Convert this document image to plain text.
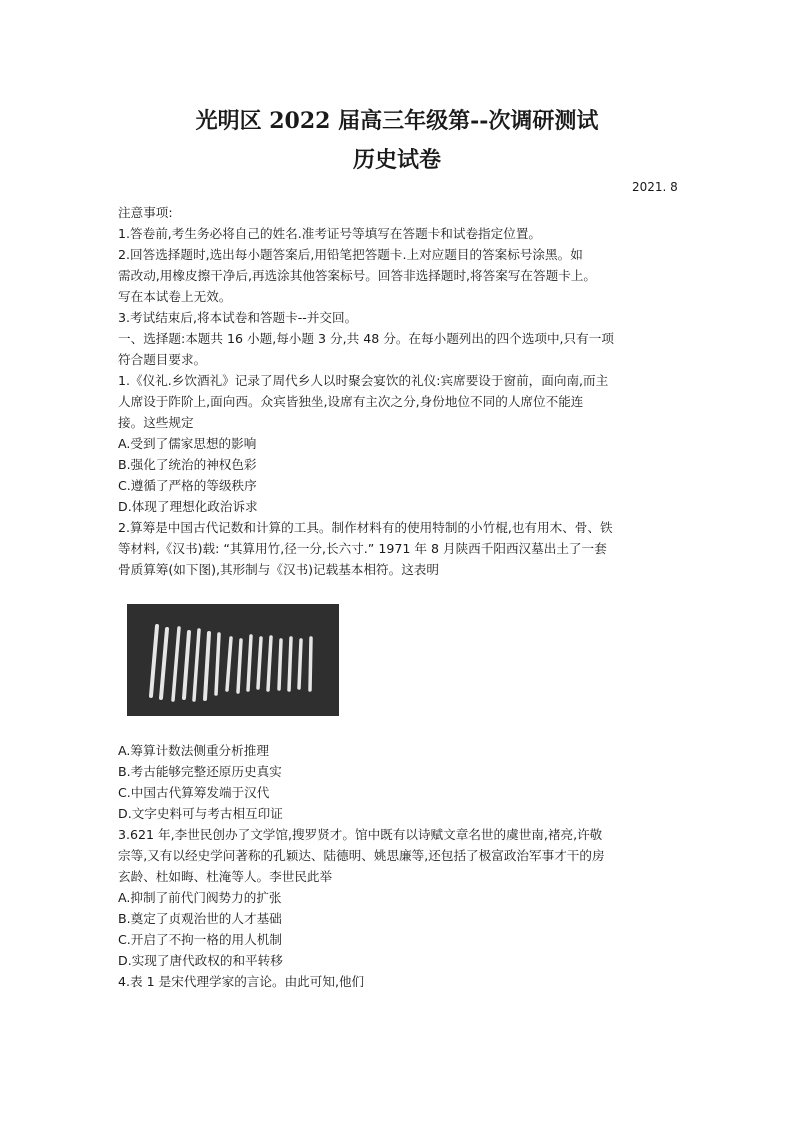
光明区 2022 届高三年级第--次调研测试
历史试卷
2021. 8

注意事项:

1.答卷前,考生务必将自己的姓名.准考证号等填写在答题卡和试卷指定位置。

2.回答选择题时,选出每小题答案后,用铅笔把答题卡.上对应题目的答案标号涂黑。如

需改动,用橡皮擦干净后,再选涂其他答案标号。回答非选择题时,将答案写在答题卡上。

写在本试卷上无效。

3.考试结束后,将本试卷和答题卡--并交回。

一、选择题:本题共 16 小题,每小题 3 分,共 48 分。在每小题列出的四个选项中,只有一项

符合题目要求。

1.《仪礼.乡饮酒礼》记录了周代乡人以时聚会宴饮的礼仪:宾席要设于窗前，面向南,而主

人席设于阼阶上,面向西。众宾皆独坐,设席有主次之分,身份地位不同的人席位不能连

接。这些规定

A.受到了儒家思想的影响

B.强化了统治的神权色彩

C.遵循了严格的等级秩序

D.体现了理想化政治诉求

2.算筹是中国古代记数和计算的工具。制作材料有的使用特制的小竹棍,也有用木、骨、铁

等材料,《汉书)载: “其算用竹,径一分,长六寸.” 1971 年 8 月陕西千阳西汉墓出土了一套

骨质算筹(如下图),其形制与《汉书)记载基本相符。这表明

A.筹算计数法侧重分析推理

B.考古能够完整还原历史真实

C.中国古代算筹发端于汉代

D.文字史料可与考古相互印证

3.621 年,李世民创办了文学馆,搜罗贤才。馆中既有以诗赋文章名世的虞世南,褚亮,许敬

宗等,又有以经史学问著称的孔颖达、陆德明、姚思廉等,还包括了极富政治军事才干的房

玄龄、杜如晦、杜淹等人。李世民此举

A.抑制了前代门阀势力的扩张

B.奠定了贞观治世的人才基础

C.开启了不拘一格的用人机制

D.实现了唐代政权的和平转移

4.表 1 是宋代理学家的言论。由此可知,他们
